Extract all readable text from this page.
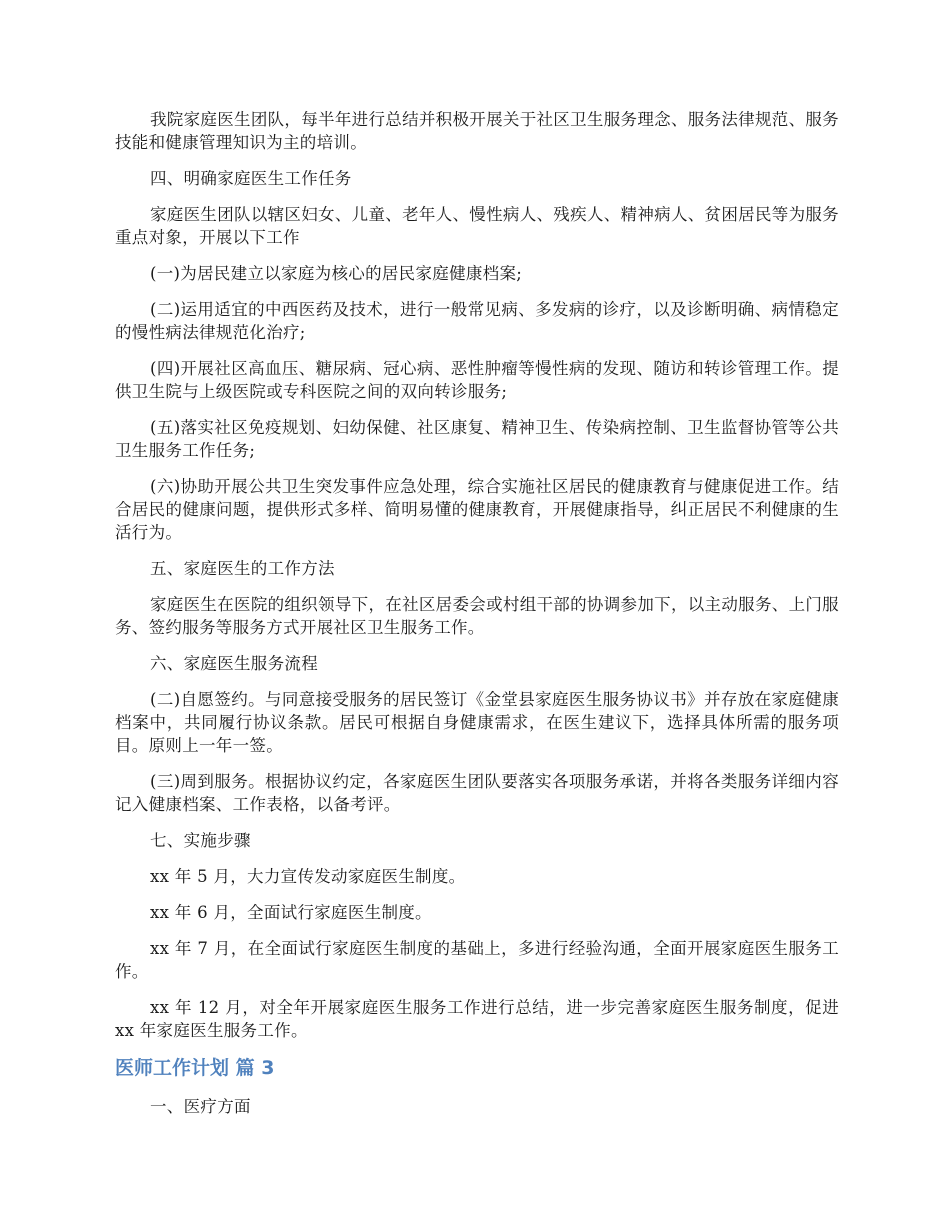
我院家庭医生团队，每半年进行总结并积极开展关于社区卫生服务理念、服务法律规范、服务技能和健康管理知识为主的培训。

四、明确家庭医生工作任务

家庭医生团队以辖区妇女、儿童、老年人、慢性病人、残疾人、精神病人、贫困居民等为服务重点对象，开展以下工作

(一)为居民建立以家庭为核心的居民家庭健康档案;

(二)运用适宜的中西医药及技术，进行一般常见病、多发病的诊疗，以及诊断明确、病情稳定的慢性病法律规范化治疗;

(四)开展社区高血压、糖尿病、冠心病、恶性肿瘤等慢性病的发现、随访和转诊管理工作。提供卫生院与上级医院或专科医院之间的双向转诊服务;

(五)落实社区免疫规划、妇幼保健、社区康复、精神卫生、传染病控制、卫生监督协管等公共卫生服务工作任务;

(六)协助开展公共卫生突发事件应急处理，综合实施社区居民的健康教育与健康促进工作。结合居民的健康问题，提供形式多样、简明易懂的健康教育，开展健康指导，纠正居民不利健康的生活行为。

五、家庭医生的工作方法

家庭医生在医院的组织领导下，在社区居委会或村组干部的协调参加下，以主动服务、上门服务、签约服务等服务方式开展社区卫生服务工作。

六、家庭医生服务流程

(二)自愿签约。与同意接受服务的居民签订《金堂县家庭医生服务协议书》并存放在家庭健康档案中，共同履行协议条款。居民可根据自身健康需求，在医生建议下，选择具体所需的服务项目。原则上一年一签。

(三)周到服务。根据协议约定，各家庭医生团队要落实各项服务承诺，并将各类服务详细内容记入健康档案、工作表格，以备考评。

七、实施步骤

xx 年 5 月，大力宣传发动家庭医生制度。

xx 年 6 月，全面试行家庭医生制度。

xx 年 7 月，在全面试行家庭医生制度的基础上，多进行经验沟通，全面开展家庭医生服务工作。

xx 年 12 月，对全年开展家庭医生服务工作进行总结，进一步完善家庭医生服务制度，促进 xx 年家庭医生服务工作。

医师工作计划 篇 3

一、医疗方面
